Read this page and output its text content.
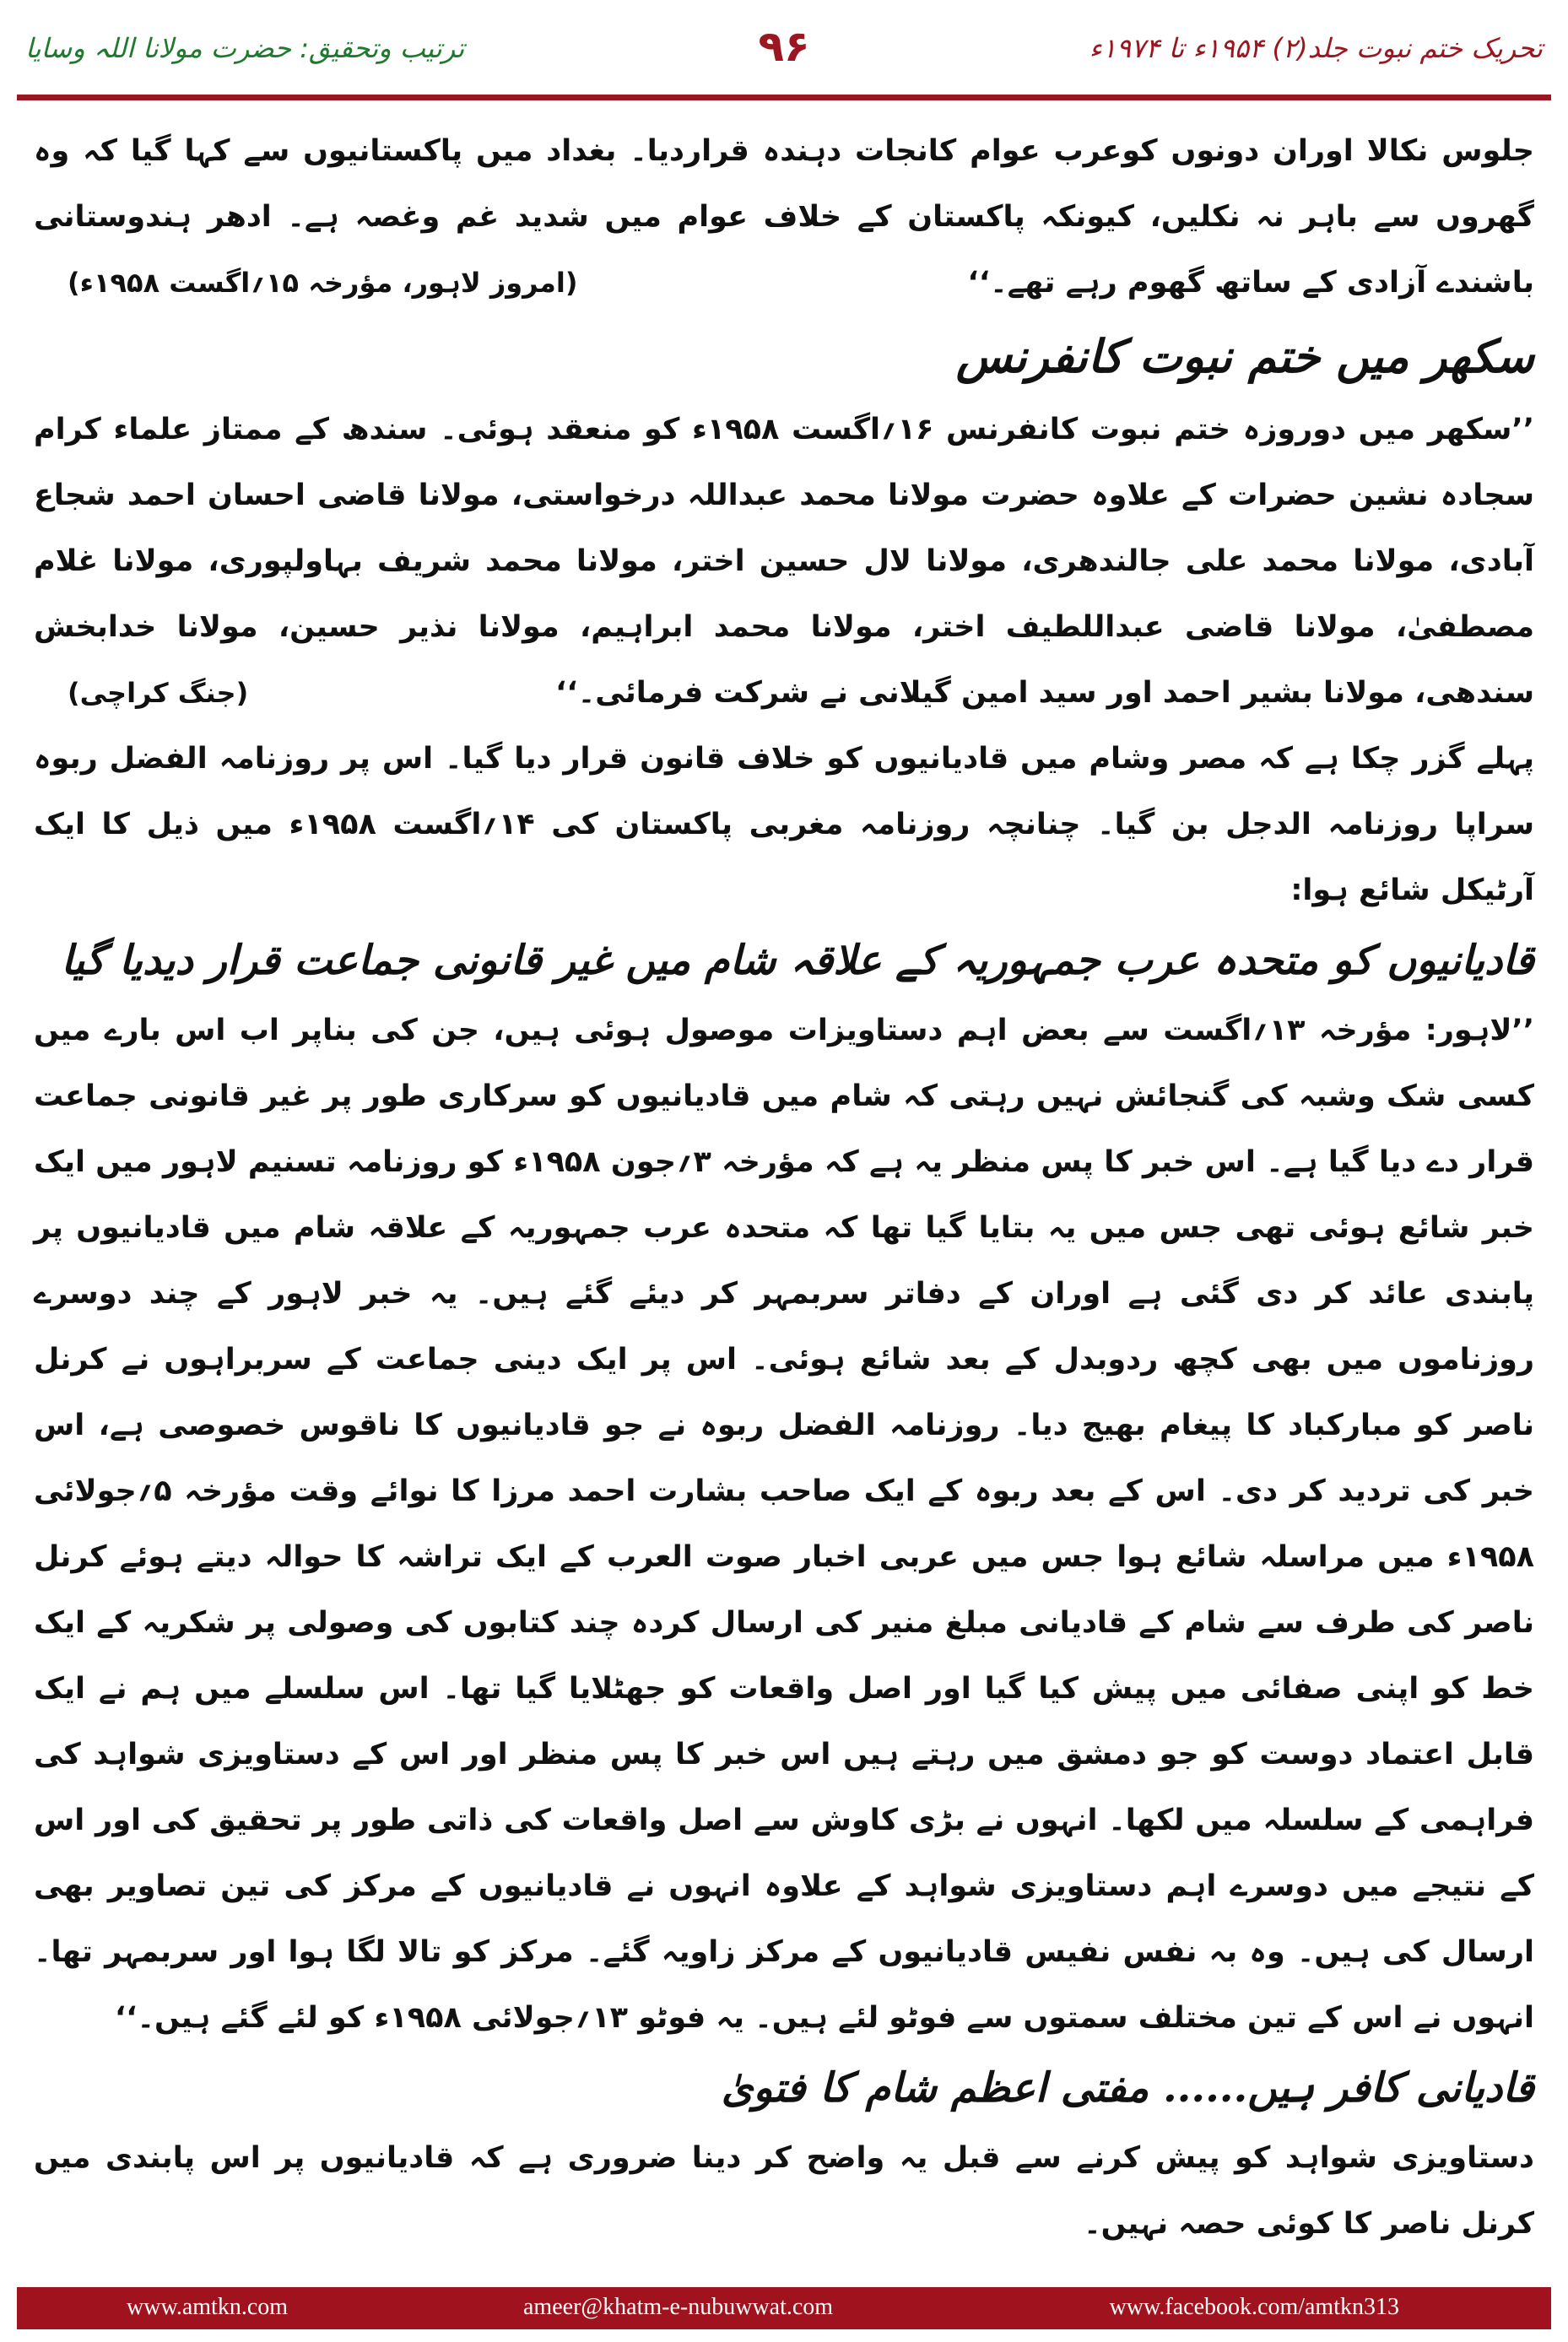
ترتیب وتحقیق: حضرت مولانا اللہ وسایا	۹۶	تحریک ختم نبوت جلد(۲) ۱۹۵۴ء تا ۱۹۷۴ء

جلوس نکالا اوران دونوں کوعرب عوام کانجات دہندہ قراردیا۔ بغداد میں پاکستانیوں سے کہا گیا کہ وہ گھروں سے باہر نہ نکلیں، کیونکہ پاکستان کے خلاف عوام میں شدید غم وغصہ ہے۔ ادھر ہندوستانی باشندے آزادی کے ساتھ گھوم رہے تھے۔‘‘
(امروز لاہور، مؤرخہ ۱۵؍اگست ۱۹۵۸ء)

سکھر میں ختم نبوت کانفرنس

’’سکھر میں دوروزہ ختم نبوت کانفرنس ۱۶؍اگست ۱۹۵۸ء کو منعقد ہوئی۔ سندھ کے ممتاز علماء کرام سجادہ نشین حضرات کے علاوہ حضرت مولانا محمد عبداللہ درخواستی، مولانا قاضی احسان احمد شجاع آبادی، مولانا محمد علی جالندھری، مولانا لال حسین اختر، مولانا محمد شریف بہاولپوری، مولانا غلام مصطفیٰ، مولانا قاضی عبداللطیف اختر، مولانا محمد ابراہیم، مولانا نذیر حسین، مولانا خدابخش سندھی، مولانا بشیر احمد اور سید امین گیلانی نے شرکت فرمائی۔‘‘
(جنگ کراچی)

پہلے گزر چکا ہے کہ مصر وشام میں قادیانیوں کو خلاف قانون قرار دیا گیا۔ اس پر روزنامہ الفضل ربوہ سراپا روزنامہ الدجل بن گیا۔ چنانچہ روزنامہ مغربی پاکستان کی ۱۴؍اگست ۱۹۵۸ء میں ذیل کا ایک آرٹیکل شائع ہوا:

قادیانیوں کو متحدہ عرب جمہوریہ کے علاقہ شام میں غیر قانونی جماعت قرار دیدیا گیا

’’لاہور: مؤرخہ ۱۳؍اگست سے بعض اہم دستاویزات موصول ہوئی ہیں، جن کی بناپر اب اس بارے میں کسی شک وشبہ کی گنجائش نہیں رہتی کہ شام میں قادیانیوں کو سرکاری طور پر غیر قانونی جماعت قرار دے دیا گیا ہے۔ اس خبر کا پس منظر یہ ہے کہ مؤرخہ ۳؍جون ۱۹۵۸ء کو روزنامہ تسنیم لاہور میں ایک خبر شائع ہوئی تھی جس میں یہ بتایا گیا تھا کہ متحدہ عرب جمہوریہ کے علاقہ شام میں قادیانیوں پر پابندی عائد کر دی گئی ہے اوران کے دفاتر سربمہر کر دیئے گئے ہیں۔ یہ خبر لاہور کے چند دوسرے روزناموں میں بھی کچھ ردوبدل کے بعد شائع ہوئی۔ اس پر ایک دینی جماعت کے سربراہوں نے کرنل ناصر کو مبارکباد کا پیغام بھیج دیا۔ روزنامہ الفضل ربوہ نے جو قادیانیوں کا ناقوس خصوصی ہے، اس خبر کی تردید کر دی۔ اس کے بعد ربوہ کے ایک صاحب بشارت احمد مرزا کا نوائے وقت مؤرخہ ۵؍جولائی ۱۹۵۸ء میں مراسلہ شائع ہوا جس میں عربی اخبار صوت العرب کے ایک تراشہ کا حوالہ دیتے ہوئے کرنل ناصر کی طرف سے شام کے قادیانی مبلغ منیر کی ارسال کردہ چند کتابوں کی وصولی پر شکریہ کے ایک خط کو اپنی صفائی میں پیش کیا گیا اور اصل واقعات کو جھٹلایا گیا تھا۔ اس سلسلے میں ہم نے ایک قابل اعتماد دوست کو جو دمشق میں رہتے ہیں اس خبر کا پس منظر اور اس کے دستاویزی شواہد کی فراہمی کے سلسلہ میں لکھا۔ انہوں نے بڑی کاوش سے اصل واقعات کی ذاتی طور پر تحقیق کی اور اس کے نتیجے میں دوسرے اہم دستاویزی شواہد کے علاوہ انہوں نے قادیانیوں کے مرکز کی تین تصاویر بھی ارسال کی ہیں۔ وہ بہ نفس نفیس قادیانیوں کے مرکز زاویہ گئے۔ مرکز کو تالا لگا ہوا اور سربمہر تھا۔ انہوں نے اس کے تین مختلف سمتوں سے فوٹو لئے ہیں۔ یہ فوٹو ۱۳؍جولائی ۱۹۵۸ء کو لئے گئے ہیں۔‘‘

قادیانی کافر ہیں...... مفتی اعظم شام کا فتویٰ

دستاویزی شواہد کو پیش کرنے سے قبل یہ واضح کر دینا ضروری ہے کہ قادیانیوں پر اس پابندی میں کرنل ناصر کا کوئی حصہ نہیں۔

www.amtkn.com	ameer@khatm-e-nubuwwat.com	www.facebook.com/amtkn313
